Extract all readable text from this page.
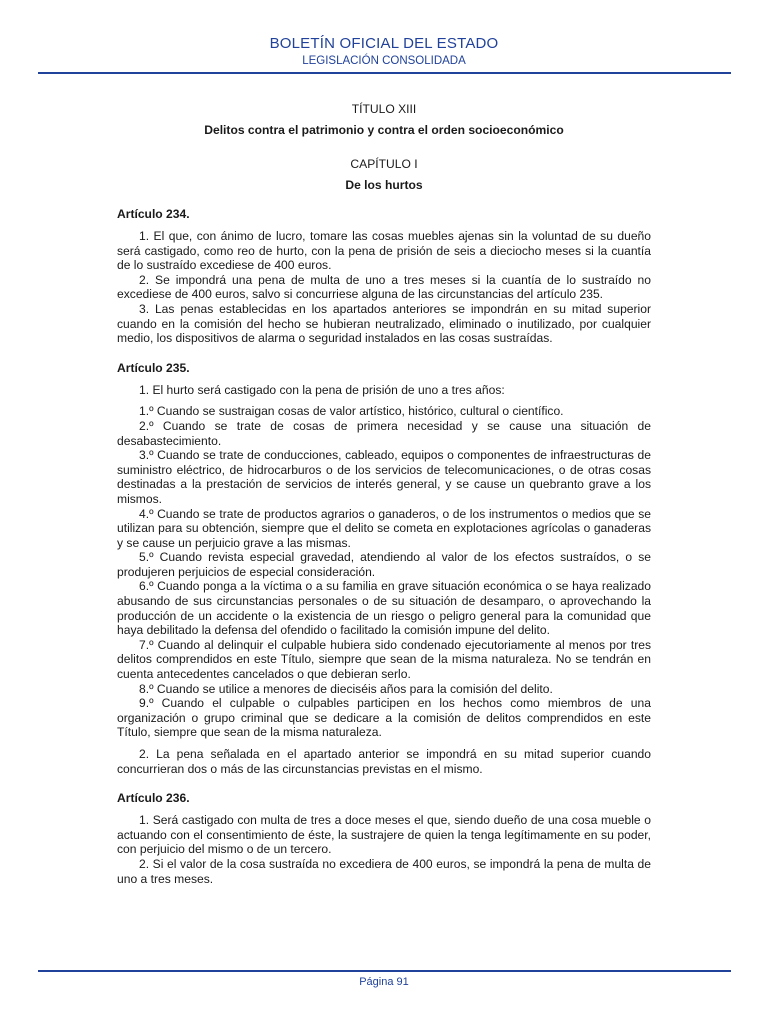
BOLETÍN OFICIAL DEL ESTADO
LEGISLACIÓN CONSOLIDADA

TÍTULO XIII

Delitos contra el patrimonio y contra el orden socioeconómico

CAPÍTULO I

De los hurtos

Artículo 234.

1. El que, con ánimo de lucro, tomare las cosas muebles ajenas sin la voluntad de su dueño será castigado, como reo de hurto, con la pena de prisión de seis a dieciocho meses si la cuantía de lo sustraído excediese de 400 euros.

2. Se impondrá una pena de multa de uno a tres meses si la cuantía de lo sustraído no excediese de 400 euros, salvo si concurriese alguna de las circunstancias del artículo 235.

3. Las penas establecidas en los apartados anteriores se impondrán en su mitad superior cuando en la comisión del hecho se hubieran neutralizado, eliminado o inutilizado, por cualquier medio, los dispositivos de alarma o seguridad instalados en las cosas sustraídas.

Artículo 235.

1. El hurto será castigado con la pena de prisión de uno a tres años:

1.º Cuando se sustraigan cosas de valor artístico, histórico, cultural o científico.

2.º Cuando se trate de cosas de primera necesidad y se cause una situación de desabastecimiento.

3.º Cuando se trate de conducciones, cableado, equipos o componentes de infraestructuras de suministro eléctrico, de hidrocarburos o de los servicios de telecomunicaciones, o de otras cosas destinadas a la prestación de servicios de interés general, y se cause un quebranto grave a los mismos.

4.º Cuando se trate de productos agrarios o ganaderos, o de los instrumentos o medios que se utilizan para su obtención, siempre que el delito se cometa en explotaciones agrícolas o ganaderas y se cause un perjuicio grave a las mismas.

5.º Cuando revista especial gravedad, atendiendo al valor de los efectos sustraídos, o se produjeren perjuicios de especial consideración.

6.º Cuando ponga a la víctima o a su familia en grave situación económica o se haya realizado abusando de sus circunstancias personales o de su situación de desamparo, o aprovechando la producción de un accidente o la existencia de un riesgo o peligro general para la comunidad que haya debilitado la defensa del ofendido o facilitado la comisión impune del delito.

7.º Cuando al delinquir el culpable hubiera sido condenado ejecutoriamente al menos por tres delitos comprendidos en este Título, siempre que sean de la misma naturaleza. No se tendrán en cuenta antecedentes cancelados o que debieran serlo.

8.º Cuando se utilice a menores de dieciséis años para la comisión del delito.

9.º Cuando el culpable o culpables participen en los hechos como miembros de una organización o grupo criminal que se dedicare a la comisión de delitos comprendidos en este Título, siempre que sean de la misma naturaleza.

2. La pena señalada en el apartado anterior se impondrá en su mitad superior cuando concurrieran dos o más de las circunstancias previstas en el mismo.

Artículo 236.

1. Será castigado con multa de tres a doce meses el que, siendo dueño de una cosa mueble o actuando con el consentimiento de éste, la sustrajere de quien la tenga legítimamente en su poder, con perjuicio del mismo o de un tercero.

2. Si el valor de la cosa sustraída no excediera de 400 euros, se impondrá la pena de multa de uno a tres meses.

Página 91
